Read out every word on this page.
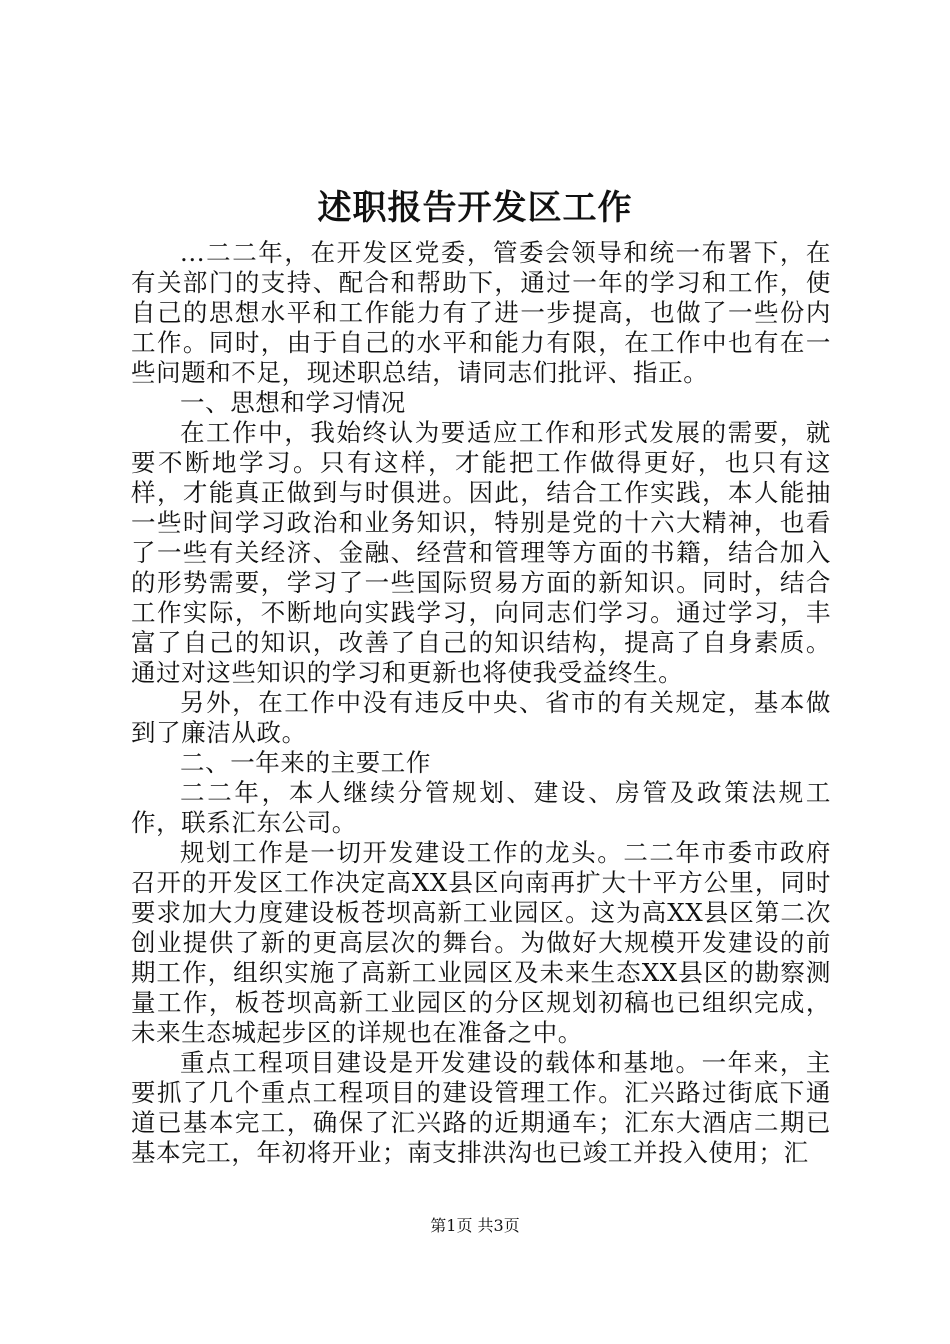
述职报告开发区工作

...二二年，在开发区党委，管委会领导和统一布署下，在有关部门的支持、配合和帮助下，通过一年的学习和工作，使自己的思想水平和工作能力有了进一步提高，也做了一些份内工作。同时，由于自己的水平和能力有限，在工作中也有在一些问题和不足，现述职总结，请同志们批评、指正。

一、思想和学习情况

在工作中，我始终认为要适应工作和形式发展的需要，就要不断地学习。只有这样，才能把工作做得更好，也只有这样，才能真正做到与时俱进。因此，结合工作实践，本人能抽一些时间学习政治和业务知识，特别是党的十六大精神，也看了一些有关经济、金融、经营和管理等方面的书籍，结合加入的形势需要，学习了一些国际贸易方面的新知识。同时，结合工作实际，不断地向实践学习，向同志们学习。通过学习，丰富了自己的知识，改善了自己的知识结构，提高了自身素质。通过对这些知识的学习和更新也将使我受益终生。

另外，在工作中没有违反中央、省市的有关规定，基本做到了廉洁从政。

二、一年来的主要工作

二二年，本人继续分管规划、建设、房管及政策法规工作，联系汇东公司。

规划工作是一切开发建设工作的龙头。二二年市委市政府召开的开发区工作决定高XX县区向南再扩大十平方公里，同时要求加大力度建设板苍坝高新工业园区。这为高XX县区第二次创业提供了新的更高层次的舞台。为做好大规模开发建设的前期工作，组织实施了高新工业园区及未来生态XX县区的勘察测量工作，板苍坝高新工业园区的分区规划初稿也已组织完成，未来生态城起步区的详规也在准备之中。

重点工程项目建设是开发建设的载体和基地。一年来，主要抓了几个重点工程项目的建设管理工作。汇兴路过街底下通道已基本完工，确保了汇兴路的近期通车；汇东大酒店二期已基本完工，年初将开业；南支排洪沟也已竣工并投入使用；汇

第1页 共3页
